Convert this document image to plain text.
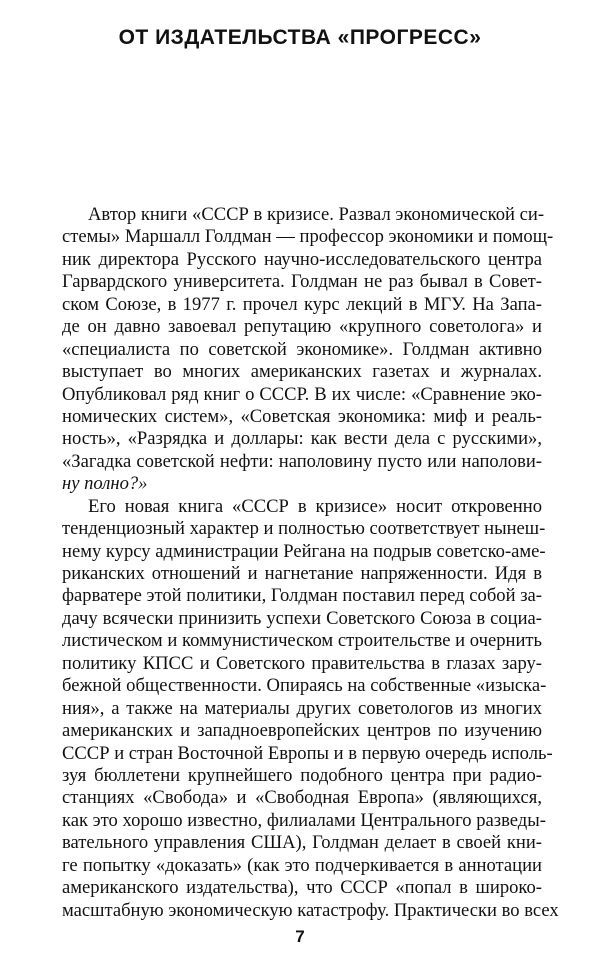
ОТ ИЗДАТЕЛЬСТВА «ПРОГРЕСС»
Автор книги «СССР в кризисе. Развал экономической си-
стемы» Маршалл Голдман — профессор экономики и помощ-
ник директора Русского научно-исследовательского центра
Гарвардского университета. Голдман не раз бывал в Совет-
ском Союзе, в 1977 г. прочел курс лекций в МГУ. На Запа-
де он давно завоевал репутацию «крупного советолога» и
«специалиста по советской экономике». Голдман активно
выступает во многих американских газетах и журналах.
Опубликовал ряд книг о СССР. В их числе: «Сравнение эко-
номических систем», «Советская экономика: миф и реаль-
ность», «Разрядка и доллары: как вести дела с русскими»,
«Загадка советской нефти: наполовину пусто или наполови-
ну полно?»
Его новая книга «СССР в кризисе» носит откровенно
тенденциозный характер и полностью соответствует нынеш-
нему курсу администрации Рейгана на подрыв советско-аме-
риканских отношений и нагнетание напряженности. Идя в
фарватере этой политики, Голдман поставил перед собой за-
дачу всячески принизить успехи Советского Союза в социа-
листическом и коммунистическом строительстве и очернить
политику КПСС и Советского правительства в глазах зару-
бежной общественности. Опираясь на собственные «изыска-
ния», а также на материалы других советологов из многих
американских и западноевропейских центров по изучению
СССР и стран Восточной Европы и в первую очередь исполь-
зуя бюллетени крупнейшего подобного центра при радио-
станциях «Свобода» и «Свободная Европа» (являющихся,
как это хорошо известно, филиалами Центрального разведы-
вательного управления США), Голдман делает в своей кни-
ге попытку «доказать» (как это подчеркивается в аннотации
американского издательства), что СССР «попал в широко-
масштабную экономическую катастрофу. Практически во всех
7
